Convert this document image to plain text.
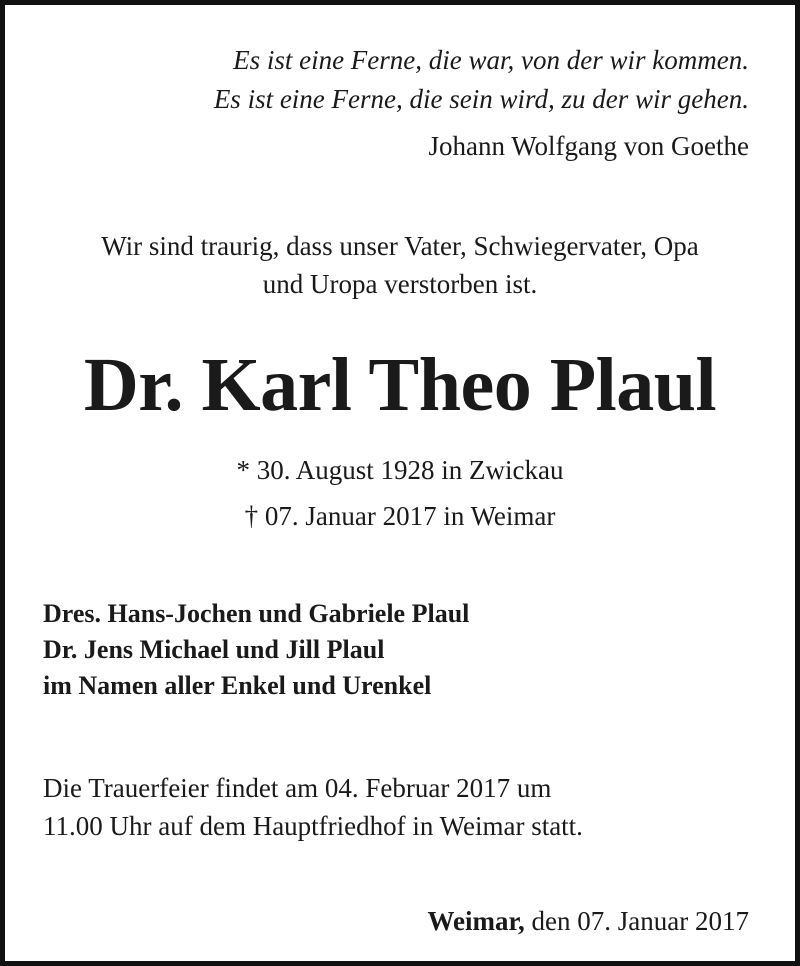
Es ist eine Ferne, die war, von der wir kommen.

Es ist eine Ferne, die sein wird, zu der wir gehen.

Johann Wolfgang von Goethe

Wir sind traurig, dass unser Vater, Schwiegervater, Opa
und Uropa verstorben ist.
Dr. Karl Theo Plaul

* 30. August 1928 in Zwickau

† 07. Januar 2017 in Weimar

Dres. Hans-Jochen und Gabriele Plaul
Dr. Jens Michael und Jill Plaul
im Namen aller Enkel und Urenkel
Die Trauerfeier findet am 04. Februar 2017 um
11.00 Uhr auf dem Hauptfriedhof in Weimar statt.

Weimar, den 07. Januar 2017
